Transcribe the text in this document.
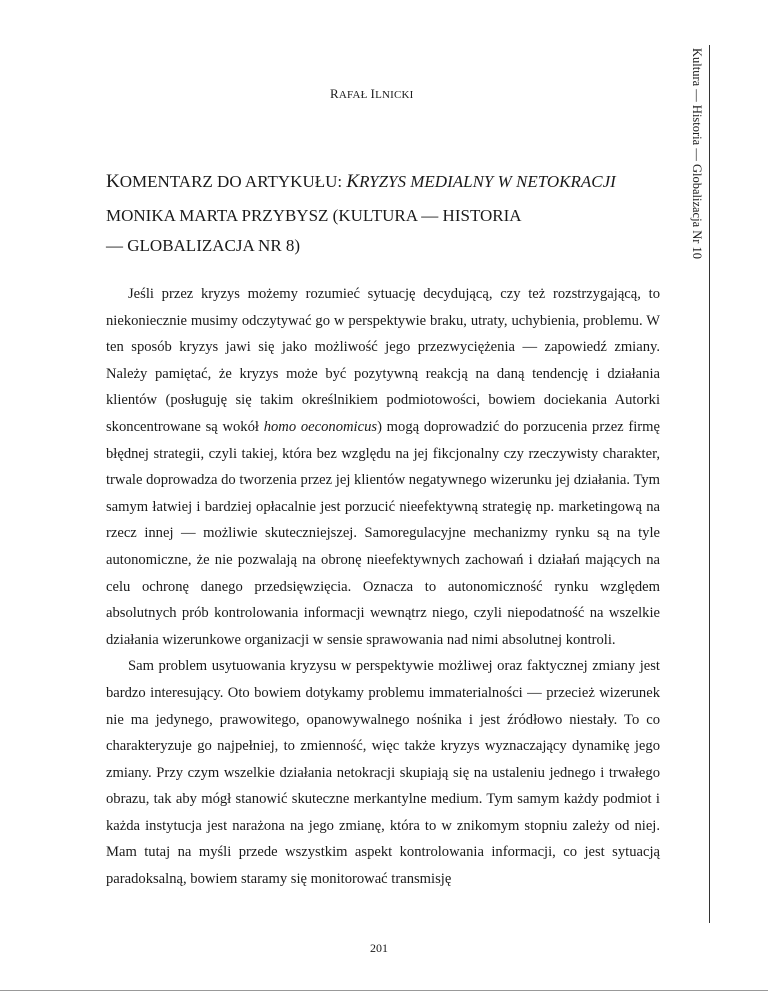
RAFAŁ ILNICKI
KOMENTARZ DO ARTYKUŁU: KRYZYS MEDIALNY W NETOKRACJI
MONIKA MARTA PRZYBYSZ (KULTURA — HISTORIA
— GLOBALIZACJA NR 8)

Jeśli przez kryzys możemy rozumieć sytuację decydującą, czy też rozstrzygającą, to niekoniecznie musimy odczytywać go w perspektywie braku, utraty, uchybienia, problemu. W ten sposób kryzys jawi się jako możliwość jego przezwyciężenia — zapowiedź zmiany. Należy pamiętać, że kryzys może być pozytywną reakcją na daną tendencję i działania klientów (posługuję się takim określnikiem podmiotowości, bowiem dociekania Autorki skoncentrowane są wokół homo oeconomicus) mogą doprowadzić do porzucenia przez firmę błędnej strategii, czyli takiej, która bez względu na jej fikcjonalny czy rzeczywisty charakter, trwale doprowadza do tworzenia przez jej klientów negatywnego wizerunku jej działania. Tym samym łatwiej i bardziej opłacalnie jest porzucić nieefektywną strategię np. marketingową na rzecz innej — możliwie skuteczniejszej. Samoregulacyjne mechanizmy rynku są na tyle autonomiczne, że nie pozwalają na obronę nieefektywnych zachowań i działań mających na celu ochronę danego przedsięwzięcia. Oznacza to autonomiczność rynku względem absolutnych prób kontrolowania informacji wewnątrz niego, czyli niepodatność na wszelkie działania wizerunkowe organizacji w sensie sprawowania nad nimi absolutnej kontroli.

Sam problem usytuowania kryzysu w perspektywie możliwej oraz faktycznej zmiany jest bardzo interesujący. Oto bowiem dotykamy problemu immaterialności — przecież wizerunek nie ma jedynego, prawowitego, opanowywalnego nośnika i jest źródłowo niestały. To co charakteryzuje go najpełniej, to zmienność, więc także kryzys wyznaczający dynamikę jego zmiany. Przy czym wszelkie działania netokracji skupiają się na ustaleniu jednego i trwałego obrazu, tak aby mógł stanowić skuteczne merkantylne medium. Tym samym każdy podmiot i każda instytucja jest narażona na jego zmianę, która to w znikomym stopniu zależy od niej. Mam tutaj na myśli przede wszystkim aspekt kontrolowania informacji, co jest sytuacją paradoksalną, bowiem staramy się monitorować transmisję

Kultura — Historia — Globalizacja Nr 10
201
